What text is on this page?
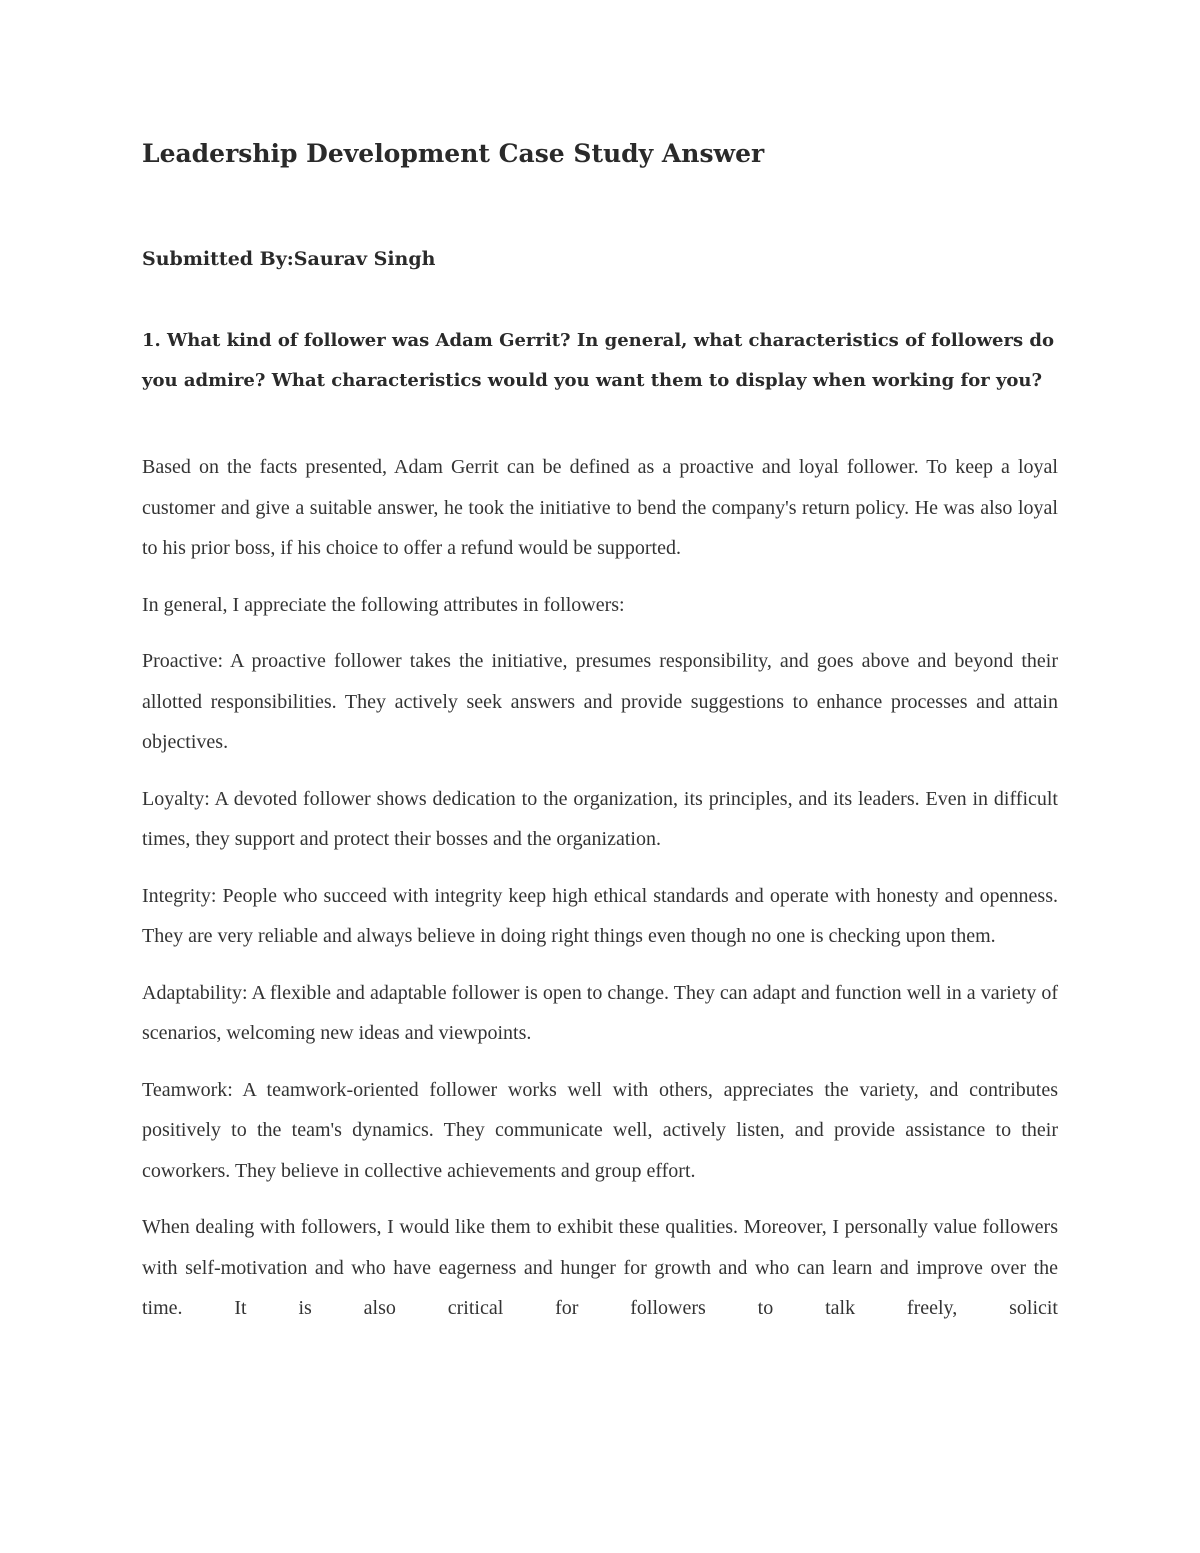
Leadership Development Case Study Answer
Submitted By:Saurav Singh
1. What kind of follower was Adam Gerrit? In general, what characteristics of followers do you admire? What characteristics would you want them to display when working for you?

Based on the facts presented, Adam Gerrit can be defined as a proactive and loyal follower. To keep a loyal customer and give a suitable answer, he took the initiative to bend the company's return policy. He was also loyal to his prior boss, if his choice to offer a refund would be supported.

In general, I appreciate the following attributes in followers:

Proactive: A proactive follower takes the initiative, presumes responsibility, and goes above and beyond their allotted responsibilities. They actively seek answers and provide suggestions to enhance processes and attain objectives.

Loyalty: A devoted follower shows dedication to the organization, its principles, and its leaders. Even in difficult times, they support and protect their bosses and the organization.

Integrity: People who succeed with integrity keep high ethical standards and operate with honesty and openness. They are very reliable and always believe in doing right things even though no one is checking upon them.

Adaptability: A flexible and adaptable follower is open to change. They can adapt and function well in a variety of scenarios, welcoming new ideas and viewpoints.

Teamwork: A teamwork-oriented follower works well with others, appreciates the variety, and contributes positively to the team's dynamics. They communicate well, actively listen, and provide assistance to their coworkers. They believe in collective achievements and group effort.

When dealing with followers, I would like them to exhibit these qualities. Moreover, I personally value followers with self-motivation and who have eagerness and hunger for growth and who can learn and improve over the time. It is also critical for followers to talk freely, solicit
